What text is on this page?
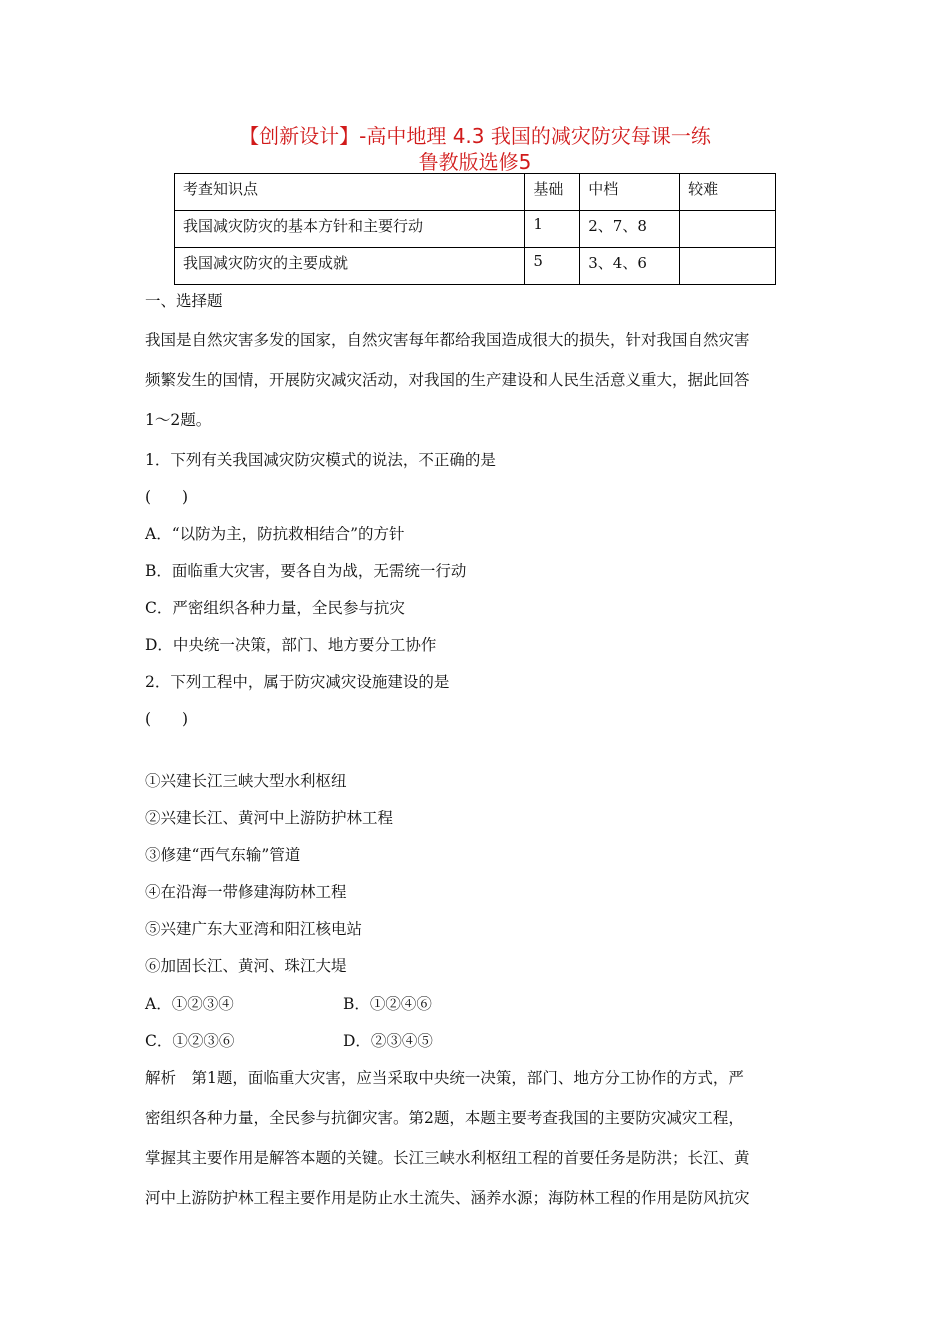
【创新设计】-高中地理 4.3 我国的减灾防灾每课一练
鲁教版选修5
考查知识点	基础	中档	较难
我国减灾防灾的基本方针和主要行动	1	2、7、8	
我国减灾防灾的主要成就	5	3、4、6	
一、选择题
我国是自然灾害多发的国家，自然灾害每年都给我国造成很大的损失，针对我国自然灾害
频繁发生的国情，开展防灾减灾活动，对我国的生产建设和人民生活意义重大，据此回答
1～2题。
1．下列有关我国减灾防灾模式的说法，不正确的是
(　　)
A．“以防为主，防抗救相结合”的方针
B．面临重大灾害，要各自为战，无需统一行动
C．严密组织各种力量，全民参与抗灾
D．中央统一决策，部门、地方要分工协作
2．下列工程中，属于防灾减灾设施建设的是
(　　)
①兴建长江三峡大型水利枢纽
②兴建长江、黄河中上游防护林工程
③修建“西气东输”管道
④在沿海一带修建海防林工程
⑤兴建广东大亚湾和阳江核电站
⑥加固长江、黄河、珠江大堤
A．①②③④	B．①②④⑥
C．①②③⑥	D．②③④⑤
解析　第1题，面临重大灾害，应当采取中央统一决策，部门、地方分工协作的方式，严
密组织各种力量，全民参与抗御灾害。第2题，本题主要考查我国的主要防灾减灾工程，
掌握其主要作用是解答本题的关键。长江三峡水利枢纽工程的首要任务是防洪；长江、黄
河中上游防护林工程主要作用是防止水土流失、涵养水源；海防林工程的作用是防风抗灾
